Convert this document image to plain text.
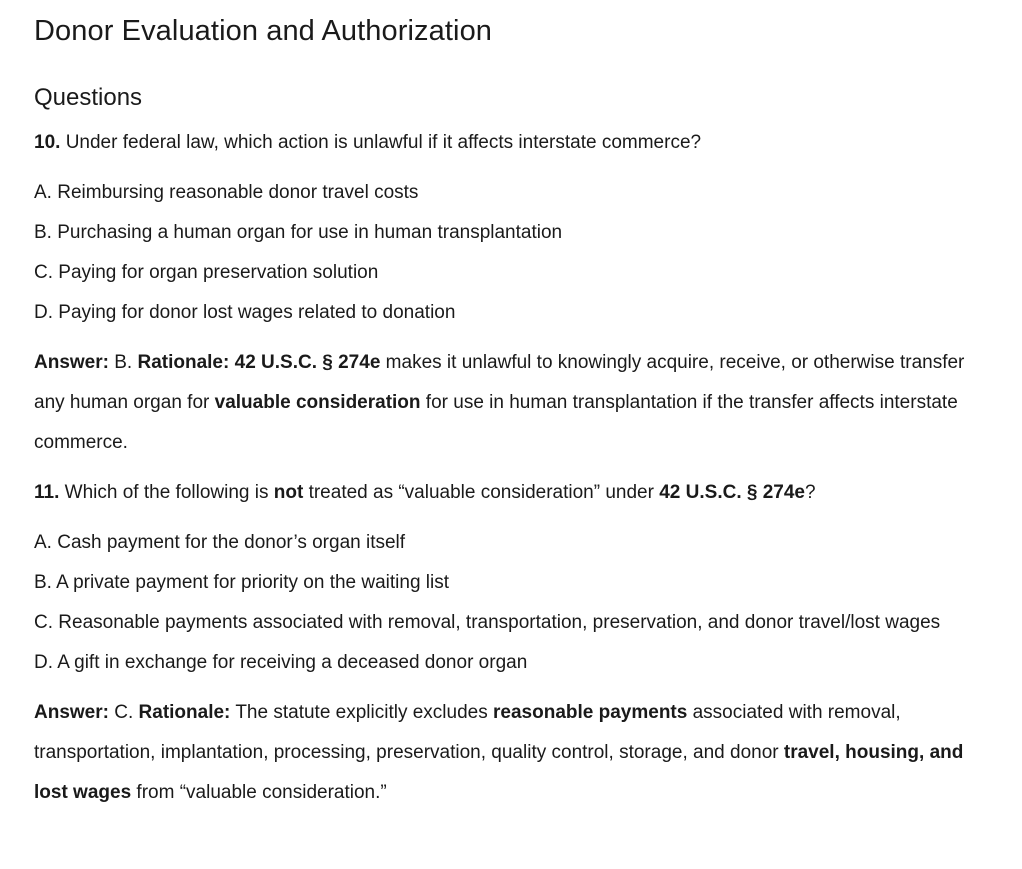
Donor Evaluation and Authorization
Questions

10. Under federal law, which action is unlawful if it affects interstate commerce?

A. Reimbursing reasonable donor travel costs

B. Purchasing a human organ for use in human transplantation

C. Paying for organ preservation solution

D. Paying for donor lost wages related to donation

Answer: B. Rationale: 42 U.S.C. § 274e makes it unlawful to knowingly acquire, receive, or otherwise transfer any human organ for valuable consideration for use in human transplantation if the transfer affects interstate commerce.

11. Which of the following is not treated as “valuable consideration” under 42 U.S.C. § 274e?

A. Cash payment for the donor’s organ itself

B. A private payment for priority on the waiting list

C. Reasonable payments associated with removal, transportation, preservation, and donor travel/lost wages

D. A gift in exchange for receiving a deceased donor organ

Answer: C. Rationale: The statute explicitly excludes reasonable payments associated with removal, transportation, implantation, processing, preservation, quality control, storage, and donor travel, housing, and lost wages from “valuable consideration.”
